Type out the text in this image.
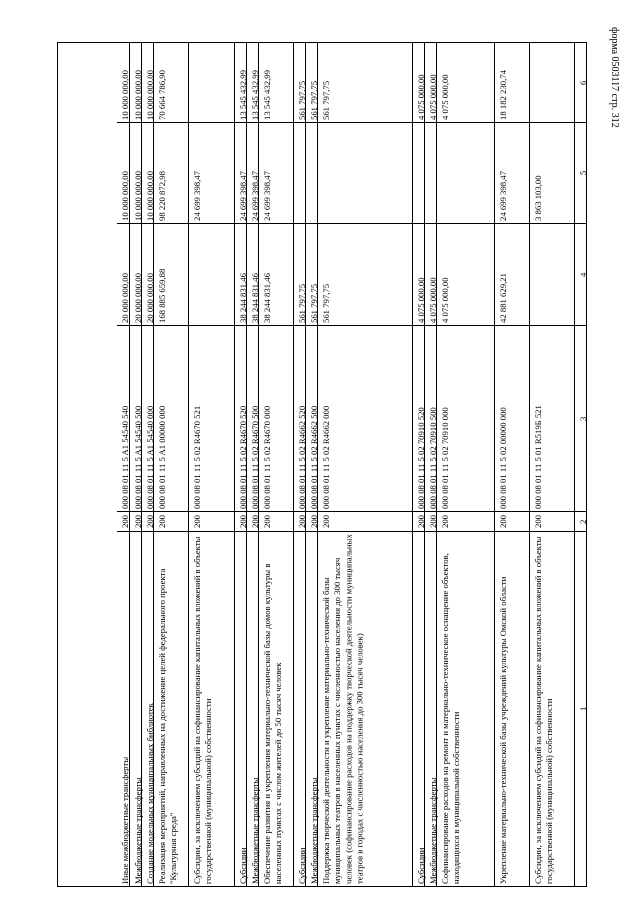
форма 0503117 стр. 312
6
5
4
3
2
1
3 863 103,00
000 08 01 11 5 01 R519Б 521
200
Субсидии, за исключением субсидий на софинансирование капитальных вложений в объекты государственной (муниципальной) собственности
18 182 230,74
24 699 398,47
42 881 629,21
000 08 01 11 5 02 00000 000
200
Укрепление материально-технической базы учреждений культуры Омской области
4 075 000,00
4 075 000,00
000 08 01 11 5 02 70910 000
200
Софинансирование расходов на ремонт и материально-техническое оснащение объектов, находящихся в муниципальной собственности
4 075 000,00
4 075 000,00
000 08 01 11 5 02 70910 500
200
Межбюджетные трансферты
4 075 000,00
4 075 000,00
000 08 01 11 5 02 70910 520
200
Субсидии
561 797,75
561 797,75
000 08 01 11 5 02 R4662 000
200
Поддержка творческой деятельности и укрепление материально-технической базы муниципальных театров в населенных пунктах с численностью населения до 300 тысяч человек (софинансирование расходов на поддержку творческой деятельности муниципальных театров в городах с численностью населения до 300 тысяч человек)
561 797,75
561 797,75
000 08 01 11 5 02 R4662 500
200
Межбюджетные трансферты
561 797,75
561 797,75
000 08 01 11 5 02 R4662 520
200
Субсидии
13 545 432,99
24 699 398,47
38 244 831,46
000 08 01 11 5 02 R4670 000
200
Обеспечение развития и укрепления материально-технической базы домов культуры в населенных пунктах с числом жителей до 50 тысяч человек
13 545 432,99
24 699 398,47
38 244 831,46
000 08 01 11 5 02 R4670 500
200
Межбюджетные трансферты
13 545 432,99
24 699 398,47
38 244 831,46
000 08 01 11 5 02 R4670 520
200
Субсидии
24 699 398,47
000 08 01 11 5 02 R4670 521
200
Субсидии, за исключением субсидий на софинансирование капитальных вложений в объекты государственной (муниципальной) собственности
70 664 786,90
98 220 872,98
168 885 659,88
000 08 01 11 5 A1 00000 000
200
Реализация мероприятий, направленных на достижение целей федерального проекта "Культурная среда"
10 000 000,00
10 000 000,00
20 000 000,00
000 08 01 11 5 A1 54540 000
200
Создание модельных муниципальных библиотек
10 000 000,00
10 000 000,00
20 000 000,00
000 08 01 11 5 A1 54540 500
200
Межбюджетные трансферты
10 000 000,00
10 000 000,00
20 000 000,00
000 08 01 11 5 A1 54540 540
200
Иные межбюджетные трансферты
